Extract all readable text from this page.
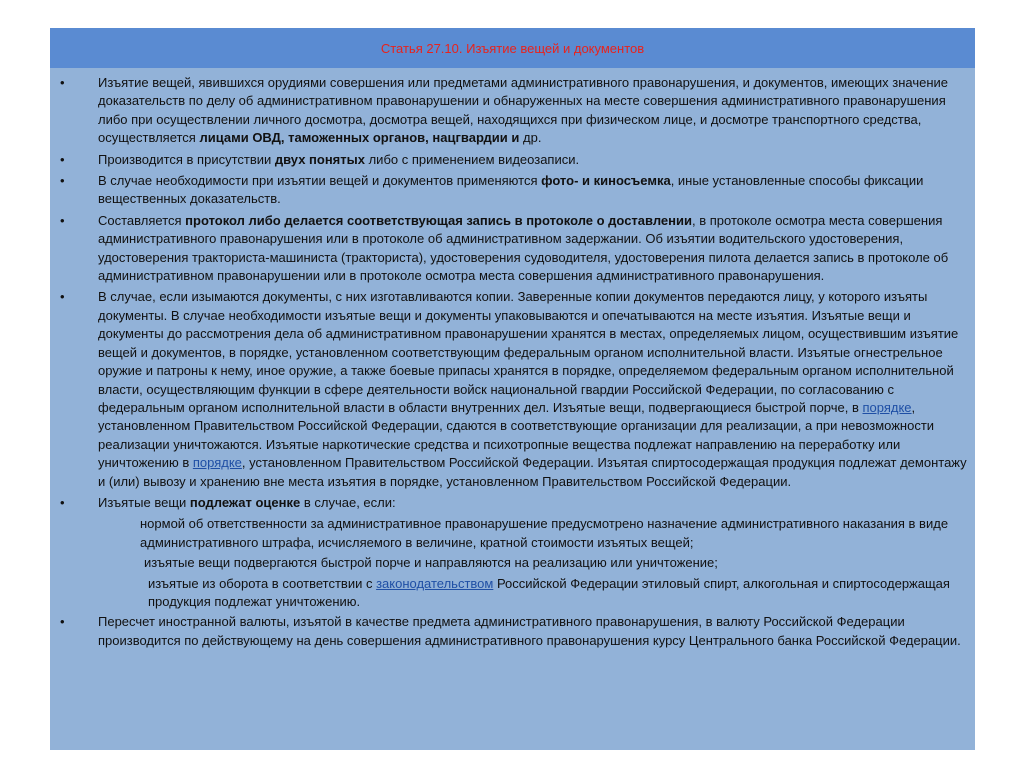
Статья 27.10. Изъятие вещей и документов
•	Изъятие вещей, явившихся орудиями совершения или предметами административного правонарушения, и документов, имеющих значение доказательств по делу об административном правонарушении и обнаруженных на месте совершения административного правонарушения либо при осуществлении личного досмотра, досмотра вещей, находящихся при физическом лице, и досмотре транспортного средства, осуществляется лицами ОВД, таможенных органов, нацгвардии и др.
•	Производится в присутствии двух понятых либо с применением видеозаписи.
•	В случае необходимости при изъятии вещей и документов применяются фото- и киносъемка, иные установленные способы фиксации вещественных доказательств.
•	Составляется протокол либо делается соответствующая запись в протоколе о доставлении, в протоколе осмотра места совершения административного правонарушения или в протоколе об административном задержании. Об изъятии водительского удостоверения, удостоверения тракториста-машиниста (тракториста), удостоверения судоводителя, удостоверения пилота делается запись в протоколе об административном правонарушении или в протоколе осмотра места совершения административного правонарушения.
•	В случае, если изымаются документы, с них изготавливаются копии. Заверенные копии документов передаются лицу, у которого изъяты документы. В случае необходимости изъятые вещи и документы упаковываются и опечатываются на месте изъятия. Изъятые вещи и документы до рассмотрения дела об административном правонарушении хранятся в местах, определяемых лицом, осуществившим изъятие вещей и документов, в порядке, установленном соответствующим федеральным органом исполнительной власти. Изъятые огнестрельное оружие и патроны к нему, иное оружие, а также боевые припасы хранятся в порядке, определяемом федеральным органом исполнительной власти, осуществляющим функции в сфере деятельности войск национальной гвардии Российской Федерации, по согласованию с федеральным органом исполнительной власти в области внутренних дел. Изъятые вещи, подвергающиеся быстрой порче, в порядке, установленном Правительством Российской Федерации, сдаются в соответствующие организации для реализации, а при невозможности реализации уничтожаются. Изъятые наркотические средства и психотропные вещества подлежат направлению на переработку или уничтожению в порядке, установленном Правительством Российской Федерации. Изъятая спиртосодержащая продукция подлежат демонтажу и (или) вывозу и хранению вне места изъятия в порядке, установленном Правительством Российской Федерации.
•	Изъятые вещи подлежат оценке в случае, если:
нормой об ответственности за административное правонарушение предусмотрено назначение административного наказания в виде административного штрафа, исчисляемого в величине, кратной стоимости изъятых вещей;
изъятые вещи подвергаются быстрой порче и направляются на реализацию или уничтожение;
изъятые из оборота в соответствии с законодательством Российской Федерации этиловый спирт, алкогольная и спиртосодержащая продукция подлежат уничтожению.
•	Пересчет иностранной валюты, изъятой в качестве предмета административного правонарушения, в валюту Российской Федерации производится по действующему на день совершения административного правонарушения курсу Центрального банка Российской Федерации.
